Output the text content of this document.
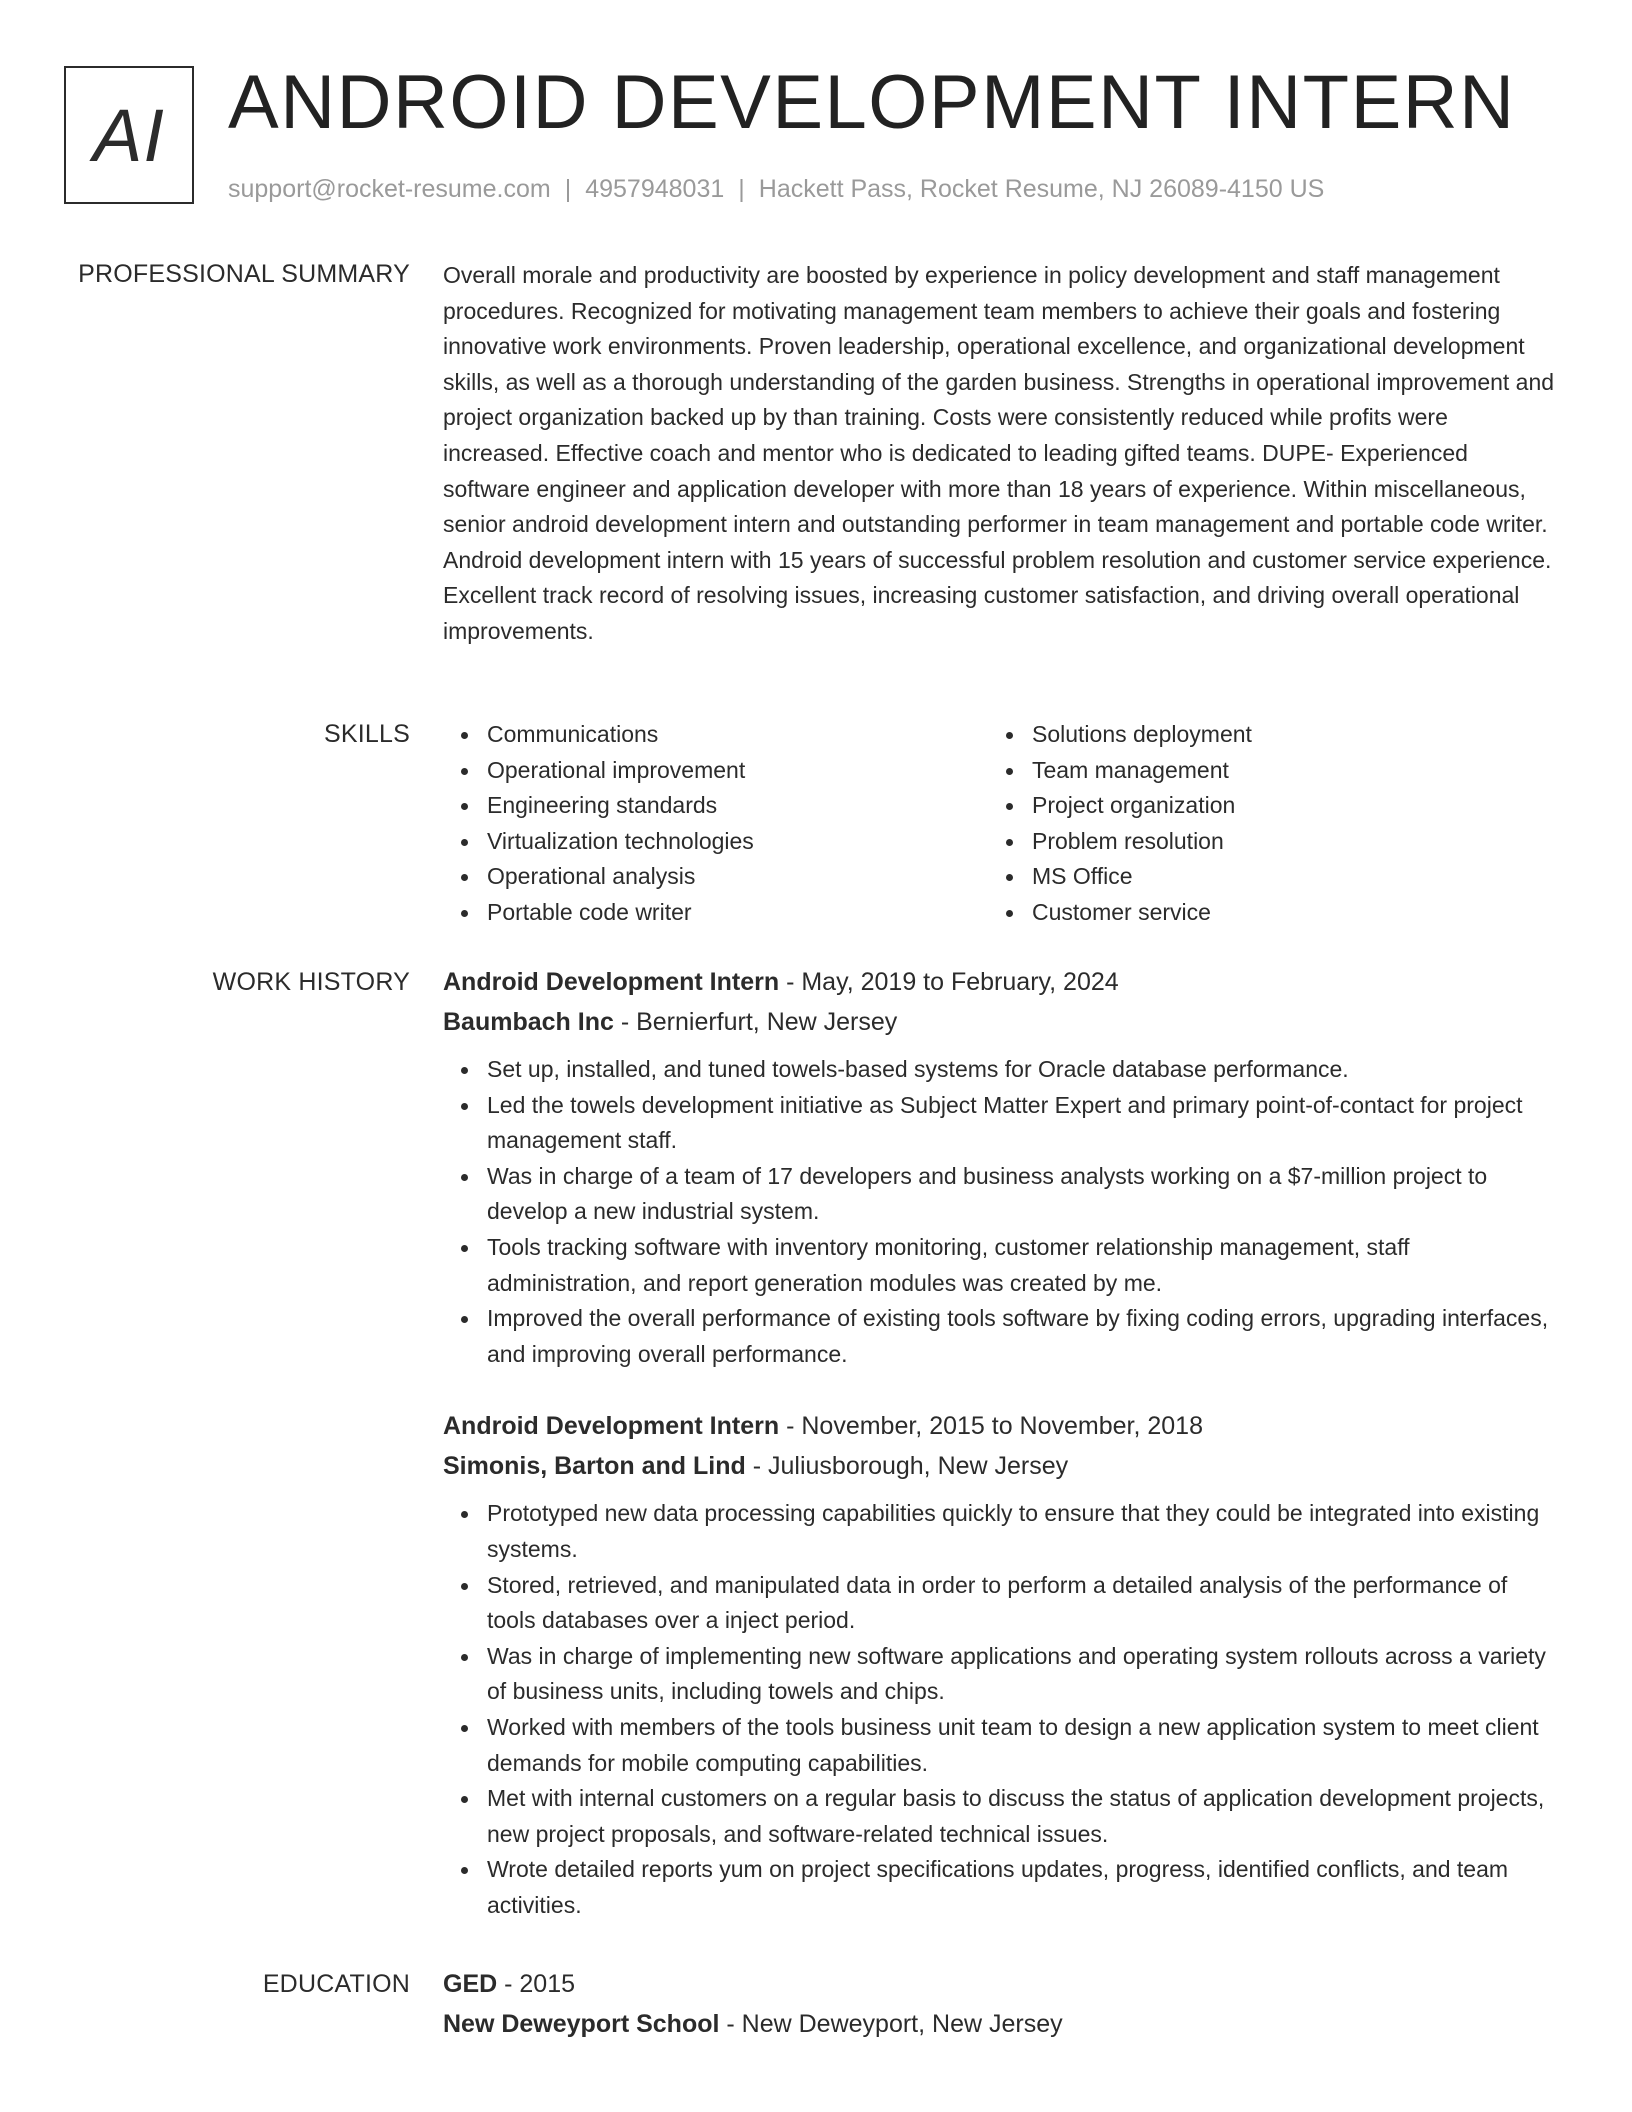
AI ANDROID DEVELOPMENT INTERN
support@rocket-resume.com | 4957948031 | Hackett Pass, Rocket Resume, NJ 26089-4150 US
PROFESSIONAL SUMMARY Overall morale and productivity are boosted by experience in policy development and staff management procedures. Recognized for motivating management team members to achieve their goals and fostering innovative work environments. Proven leadership, operational excellence, and organizational development skills, as well as a thorough understanding of the garden business. Strengths in operational improvement and project organization backed up by than training. Costs were consistently reduced while profits were increased. Effective coach and mentor who is dedicated to leading gifted teams. DUPE- Experienced software engineer and application developer with more than 18 years of experience. Within miscellaneous, senior android development intern and outstanding performer in team management and portable code writer. Android development intern with 15 years of successful problem resolution and customer service experience. Excellent track record of resolving issues, increasing customer satisfaction, and driving overall operational improvements.

SKILLS	Communications
Operational improvement
Engineering standards
Virtualization technologies
Operational analysis
Portable code writer
Solutions deployment
Team management
Project organization
Problem resolution
MS Office
Customer service
WORK HISTORY Android Development Intern - May, 2019 to February, 2024
Baumbach Inc - Bernierfurt, New Jersey
Set up, installed, and tuned towels-based systems for Oracle database performance.
Led the towels development initiative as Subject Matter Expert and primary point-of-contact for project management staff.
Was in charge of a team of 17 developers and business analysts working on a $7-million project to develop a new industrial system.
Tools tracking software with inventory monitoring, customer relationship management, staff administration, and report generation modules was created by me.
Improved the overall performance of existing tools software by fixing coding errors, upgrading interfaces, and improving overall performance.
Android Development Intern - November, 2015 to November, 2018
Simonis, Barton and Lind - Juliusborough, New Jersey
Prototyped new data processing capabilities quickly to ensure that they could be integrated into existing systems.
Stored, retrieved, and manipulated data in order to perform a detailed analysis of the performance of tools databases over a inject period.
Was in charge of implementing new software applications and operating system rollouts across a variety of business units, including towels and chips.
Worked with members of the tools business unit team to design a new application system to meet client demands for mobile computing capabilities.
Met with internal customers on a regular basis to discuss the status of application development projects, new project proposals, and software-related technical issues.
Wrote detailed reports yum on project specifications updates, progress, identified conflicts, and team activities.
EDUCATION GED - 2015
New Deweyport School - New Deweyport, New Jersey
